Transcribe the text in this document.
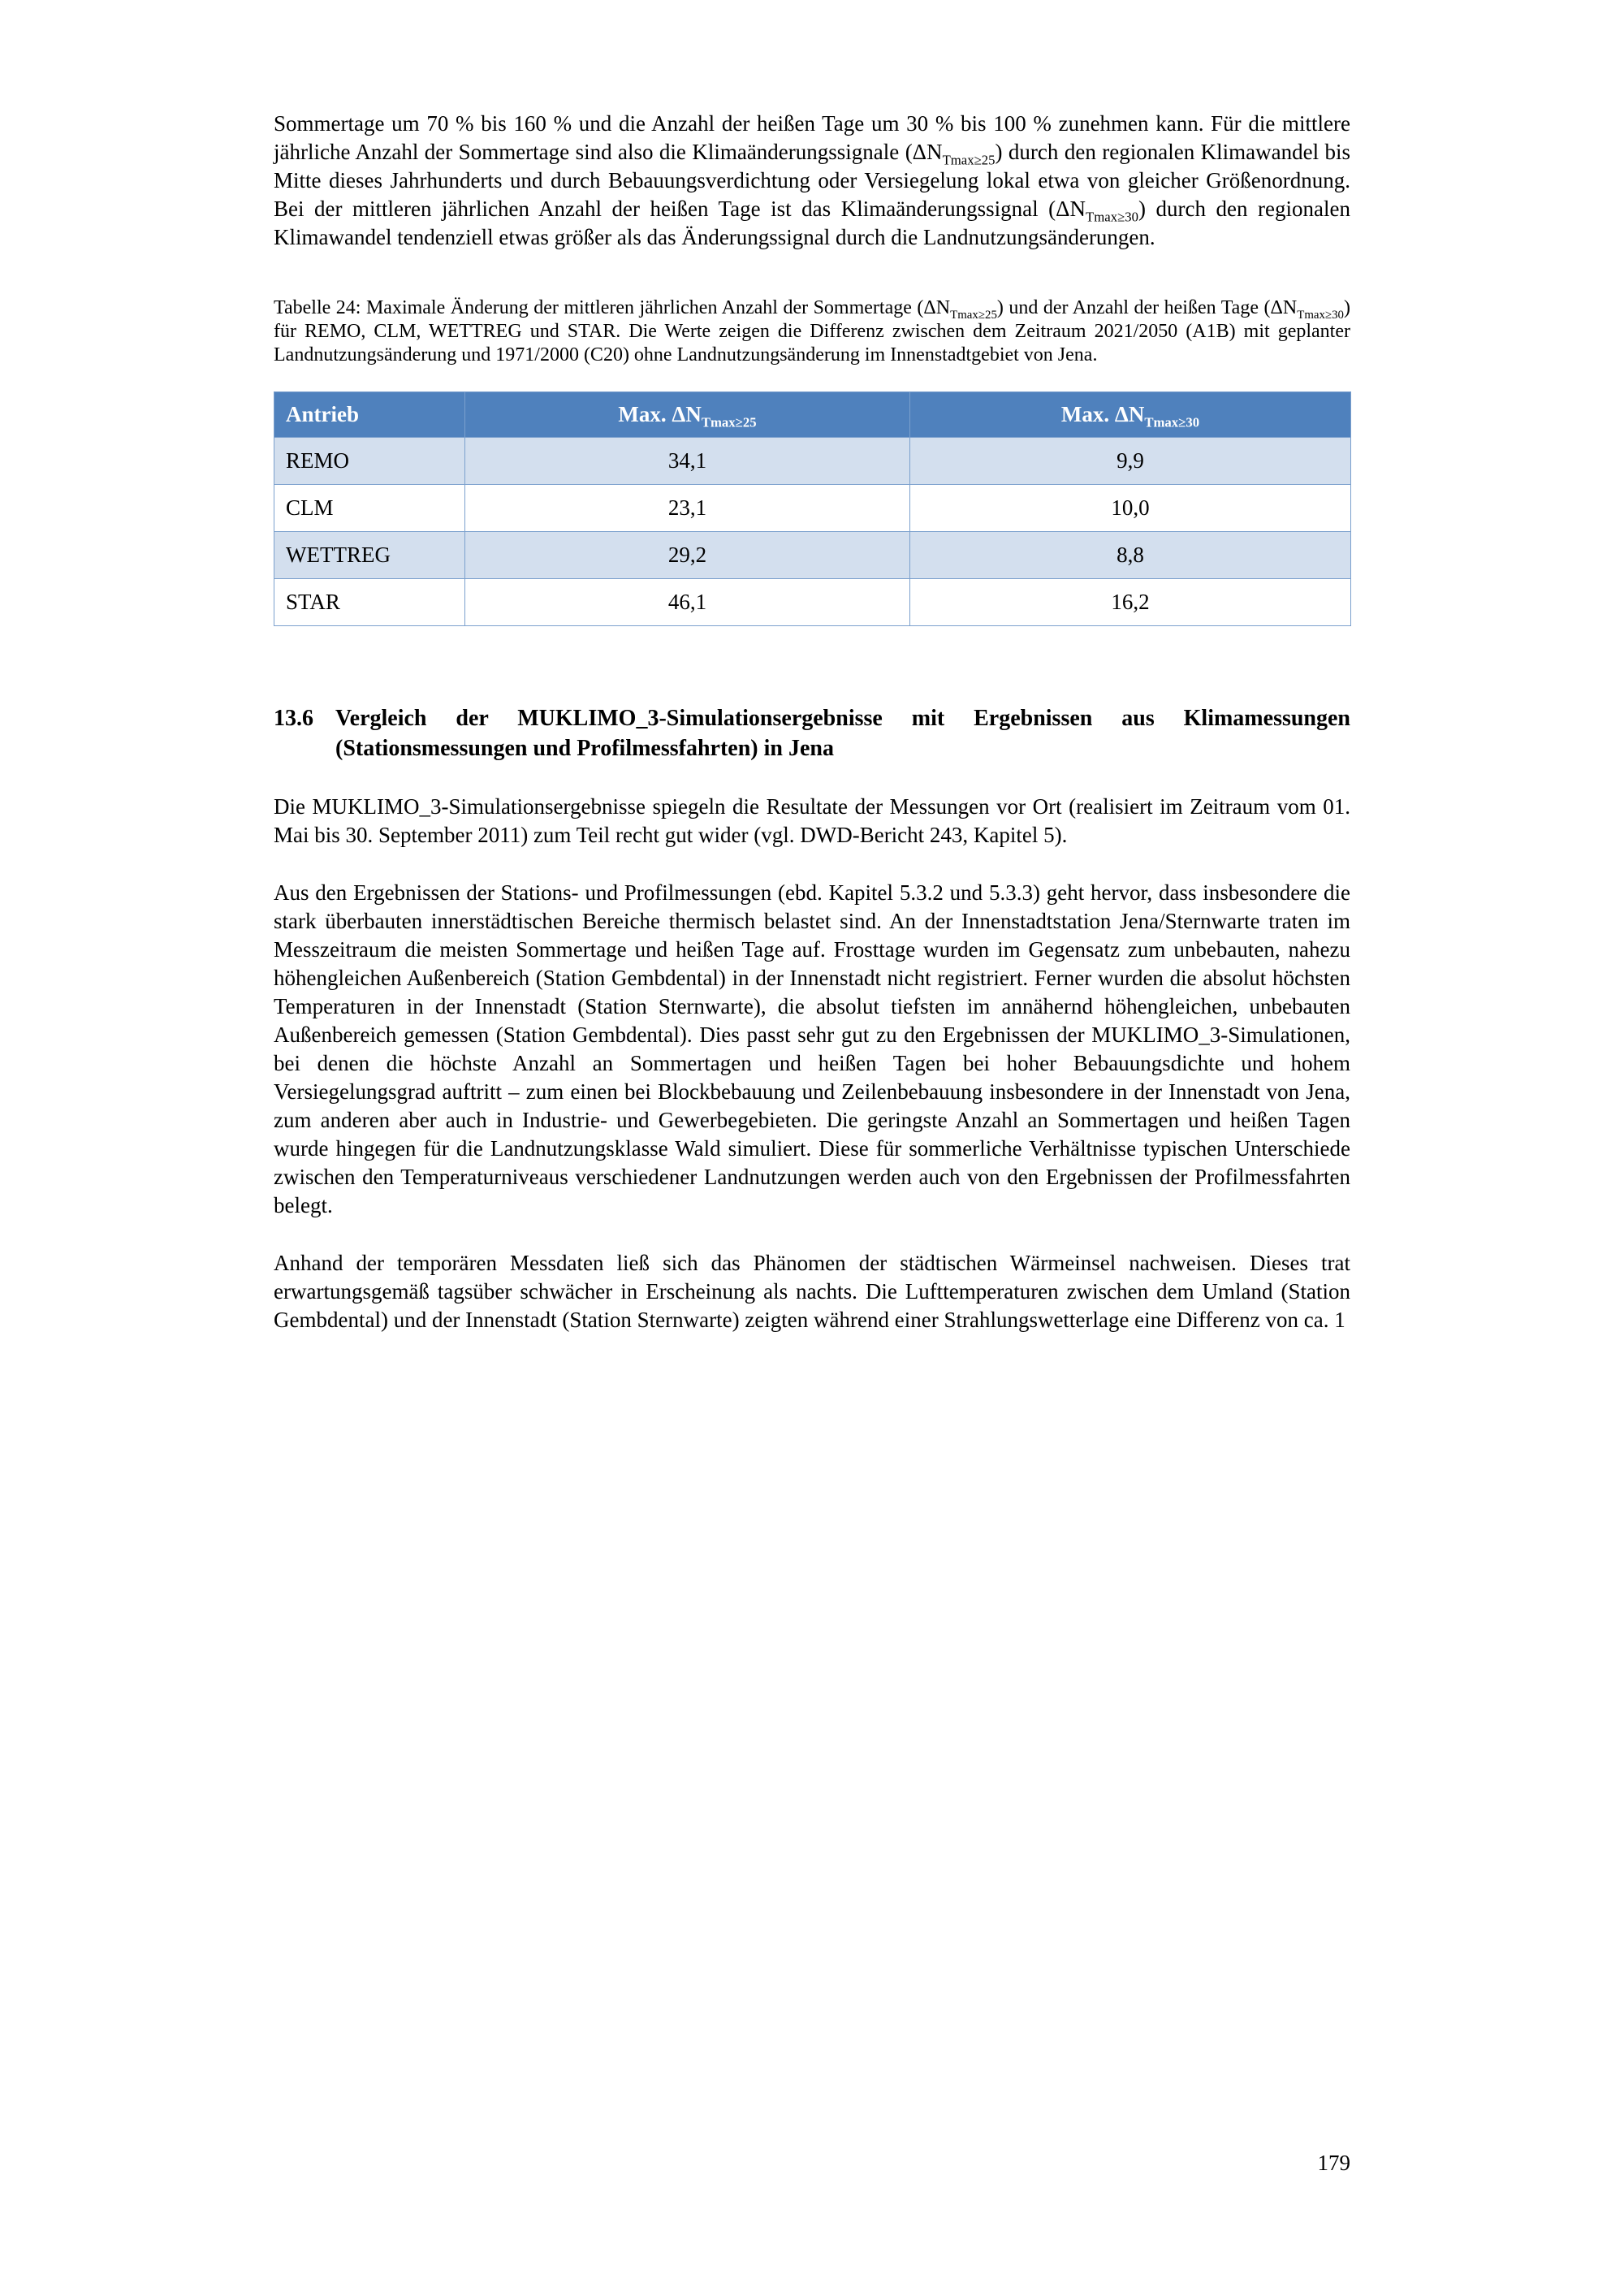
Sommertage um 70 % bis 160 % und die Anzahl der heißen Tage um 30 % bis 100 % zunehmen kann. Für die mittlere jährliche Anzahl der Sommertage sind also die Klimaänderungssignale $(\Delta N_{Tmax\ge 25})$ durch den regionalen Klimawandel bis Mitte dieses Jahrhunderts und durch Bebauungsverdichtung oder Versiegelung lokal etwa von gleicher Größenordnung. Bei der mittleren jährlichen Anzahl der heißen Tage ist das Klimaänderungssignal $(\Delta N_{Tmax\ge 30})$ durch den regionalen Klimawandel tendenziell etwas größer als das Änderungssignal durch die Landnutzungsänderungen.

Tabelle 24: Maximale Änderung der mittleren jährlichen Anzahl der Sommertage $(\Delta N_{Tmax\ge 25})$ und der Anzahl der heißen Tage $(\Delta N_{Tmax\ge 30})$ für REMO, CLM, WETTREG und STAR. Die Werte zeigen die Differenz zwischen dem Zeitraum 2021/2050 (A1B) mit geplanter Landnutzungsänderung und 1971/2000 (C20) ohne Landnutzungsänderung im Innenstadtgebiet von Jena.

Antrieb	Max. $\Delta N_{Tmax\ge 25}$	Max. $\Delta N_{Tmax\ge 30}$
REMO	34,1	9,9
CLM	23,1	10,0
WETTREG	29,2	8,8
STAR	46,1	16,2
13.6 Vergleich der MUKLIMO_3-Simulationsergebnisse mit Ergebnissen aus Klimamessungen (Stationsmessungen und Profilmessfahrten) in Jena

Die MUKLIMO_3-Simulationsergebnisse spiegeln die Resultate der Messungen vor Ort (realisiert im Zeitraum vom 01. Mai bis 30. September 2011) zum Teil recht gut wider (vgl. DWD-Bericht 243, Kapitel 5).

Aus den Ergebnissen der Stations- und Profilmessungen (ebd. Kapitel 5.3.2 und 5.3.3) geht hervor, dass insbesondere die stark überbauten innerstädtischen Bereiche thermisch belastet sind. An der Innenstadtstation Jena/Sternwarte traten im Messzeitraum die meisten Sommertage und heißen Tage auf. Frosttage wurden im Gegensatz zum unbebauten, nahezu höhengleichen Außenbereich (Station Gembdental) in der Innenstadt nicht registriert. Ferner wurden die absolut höchsten Temperaturen in der Innenstadt (Station Sternwarte), die absolut tiefsten im annähernd höhengleichen, unbebauten Außenbereich gemessen (Station Gembdental). Dies passt sehr gut zu den Ergebnissen der MUKLIMO_3-Simulationen, bei denen die höchste Anzahl an Sommertagen und heißen Tagen bei hoher Bebauungsdichte und hohem Versiegelungsgrad auftritt – zum einen bei Blockbebauung und Zeilenbebauung insbesondere in der Innenstadt von Jena, zum anderen aber auch in Industrie- und Gewerbegebieten. Die geringste Anzahl an Sommertagen und heißen Tagen wurde hingegen für die Landnutzungsklasse Wald simuliert. Diese für sommerliche Verhältnisse typischen Unterschiede zwischen den Temperaturniveaus verschiedener Landnutzungen werden auch von den Ergebnissen der Profilmessfahrten belegt.

Anhand der temporären Messdaten ließ sich das Phänomen der städtischen Wärmeinsel nachweisen. Dieses trat erwartungsgemäß tagsüber schwächer in Erscheinung als nachts. Die Lufttemperaturen zwischen dem Umland (Station Gembdental) und der Innenstadt (Station Sternwarte) zeigten während einer Strahlungswetterlage eine Differenz von ca. 1

179
